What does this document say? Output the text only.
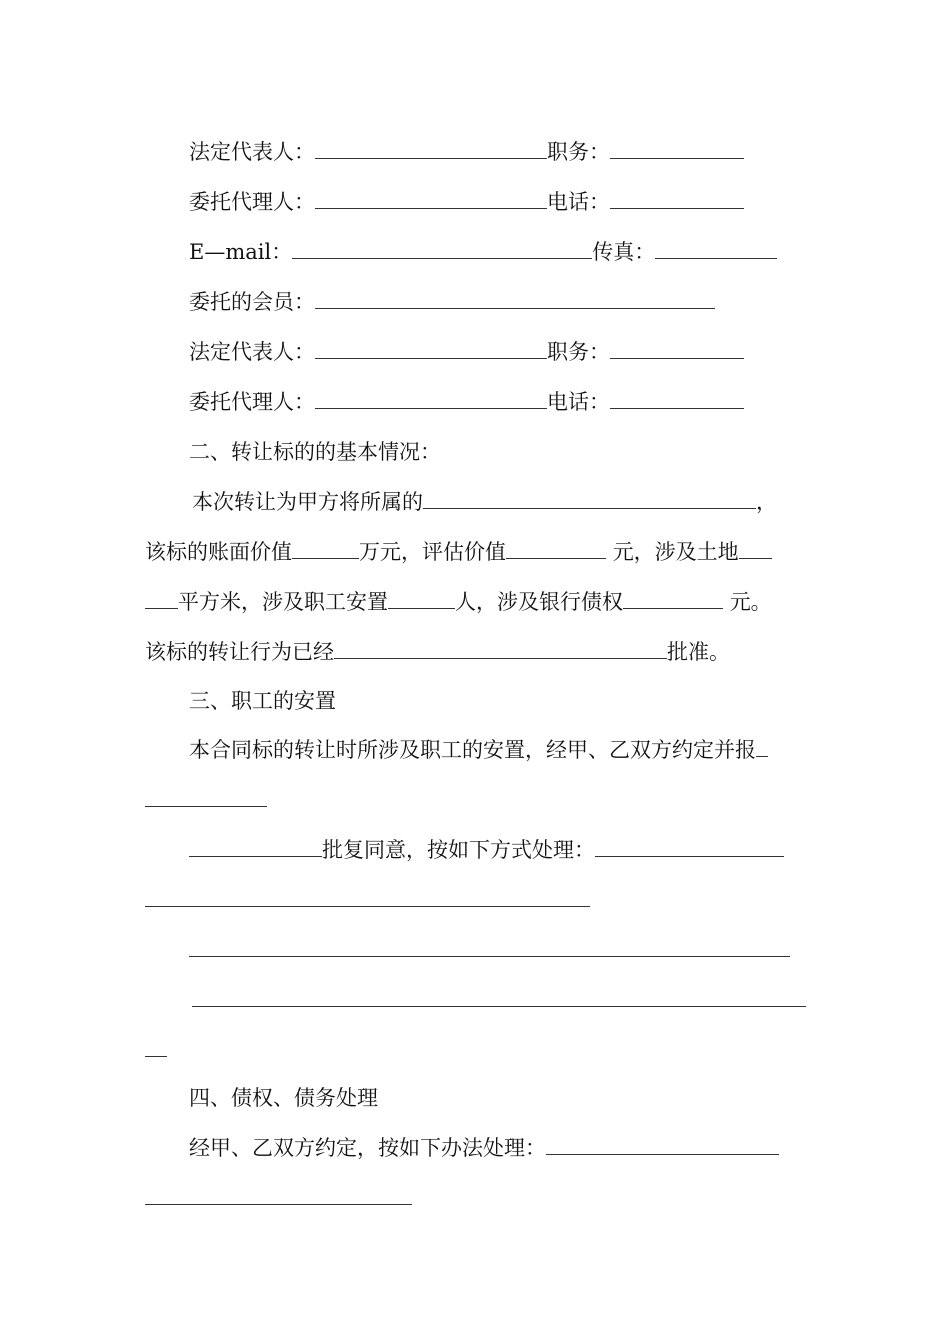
法定代表人：	职务：
委托代理人：	电话：
E—mail：	传真：
委托的会员：
法定代表人：	职务：
委托代理人：	电话：
二、转让标的的基本情况：
本次转让为甲方将所属的	，
该标的账面价值	万元，评估价值	元，涉及土地
平方米，涉及职工安置	人，涉及银行债权	元。
该标的转让行为已经	批准。
三、职工的安置
本合同标的转让时所涉及职工的安置，经甲、乙双方约定并报
批复同意，按如下方式处理：
四、债权、债务处理
经甲、乙双方约定，按如下办法处理：
